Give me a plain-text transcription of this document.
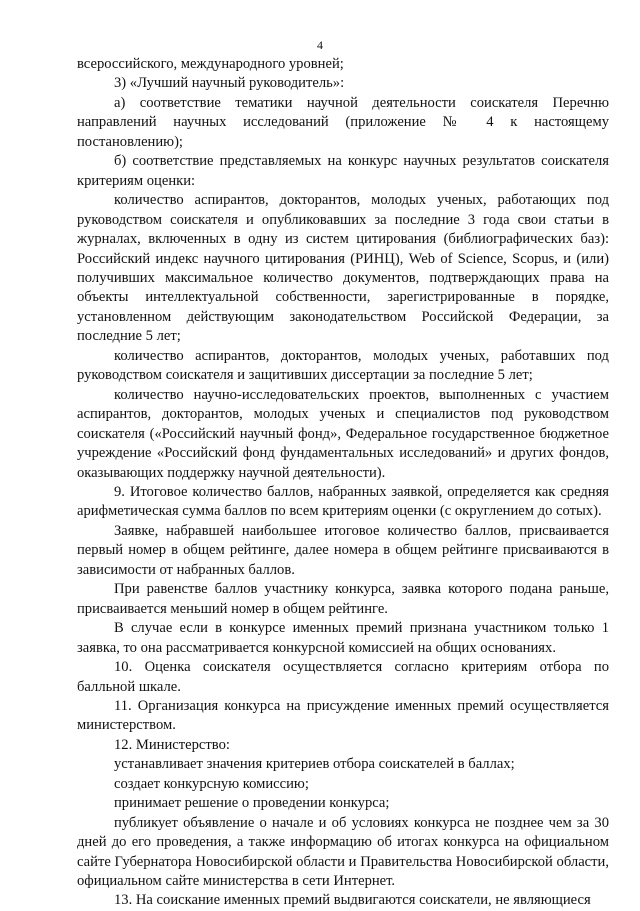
4

всероссийского, международного уровней;

3) «Лучший научный руководитель»:

а) соответствие тематики научной деятельности соискателя Перечню направлений научных исследований (приложение № 4 к настоящему постановлению);

б) соответствие представляемых на конкурс научных результатов соискателя критериям оценки:

количество аспирантов, докторантов, молодых ученых, работающих под руководством соискателя и опубликовавших за последние 3 года свои статьи в журналах, включенных в одну из систем цитирования (библиографических баз): Российский индекс научного цитирования (РИНЦ), Web of Science, Scopus, и (или) получивших максимальное количество документов, подтверждающих права на объекты интеллектуальной собственности, зарегистрированные в порядке, установленном действующим законодательством Российской Федерации, за последние 5 лет;

количество аспирантов, докторантов, молодых ученых, работавших под руководством соискателя и защитивших диссертации за последние 5 лет;

количество научно-исследовательских проектов, выполненных с участием аспирантов, докторантов, молодых ученых и специалистов под руководством соискателя («Российский научный фонд», Федеральное государственное бюджетное учреждение «Российский фонд фундаментальных исследований» и других фондов, оказывающих поддержку научной деятельности).

9. Итоговое количество баллов, набранных заявкой, определяется как средняя арифметическая сумма баллов по всем критериям оценки (с округлением до сотых).

Заявке, набравшей наибольшее итоговое количество баллов, присваивается первый номер в общем рейтинге, далее номера в общем рейтинге присваиваются в зависимости от набранных баллов.

При равенстве баллов участнику конкурса, заявка которого подана раньше, присваивается меньший номер в общем рейтинге.

В случае если в конкурсе именных премий признана участником только 1 заявка, то она рассматривается конкурсной комиссией на общих основаниях.

10. Оценка соискателя осуществляется согласно критериям отбора по балльной шкале.

11. Организация конкурса на присуждение именных премий осуществляется министерством.

12. Министерство:

устанавливает значения критериев отбора соискателей в баллах;

создает конкурсную комиссию;

принимает решение о проведении конкурса;

публикует объявление о начале и об условиях конкурса не позднее чем за 30 дней до его проведения, а также информацию об итогах конкурса на официальном сайте Губернатора Новосибирской области и Правительства Новосибирской области, официальном сайте министерства в сети Интернет.

13. На соискание именных премий выдвигаются соискатели, не являющиеся
